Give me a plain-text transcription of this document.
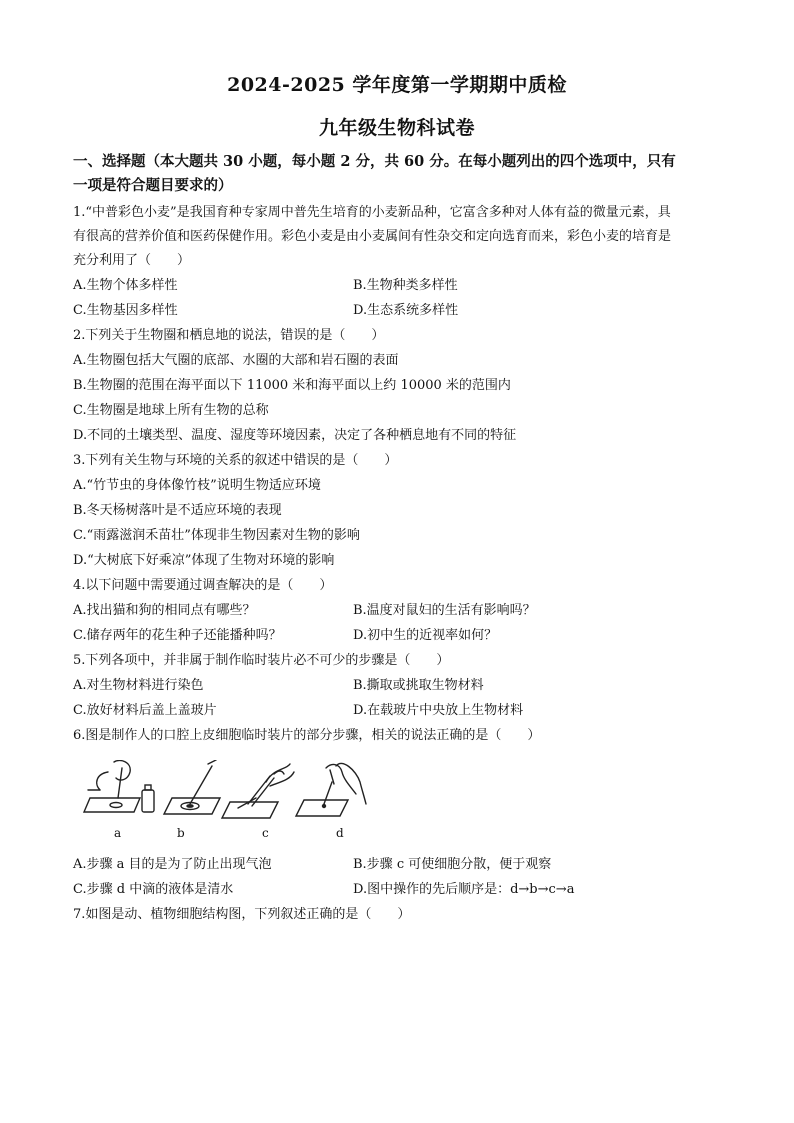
2024-2025 学年度第一学期期中质检
九年级生物科试卷
一、选择题（本大题共 30 小题，每小题 2 分，共 60 分。在每小题列出的四个选项中，只有
一项是符合题目要求的）
1.“中普彩色小麦”是我国育种专家周中普先生培育的小麦新品种，它富含多种对人体有益的微量元素，具
有很高的营养价值和医药保健作用。彩色小麦是由小麦属间有性杂交和定向选育而来，彩色小麦的培育是
充分利用了（　　）
A.生物个体多样性	B.生物种类多样性
C.生物基因多样性	D.生态系统多样性
2.下列关于生物圈和栖息地的说法，错误的是（　　）
A.生物圈包括大气圈的底部、水圈的大部和岩石圈的表面
B.生物圈的范围在海平面以下 11000 米和海平面以上约 10000 米的范围内
C.生物圈是地球上所有生物的总称
D.不同的土壤类型、温度、湿度等环境因素，决定了各种栖息地有不同的特征
3.下列有关生物与环境的关系的叙述中错误的是（　　）
A.“竹节虫的身体像竹枝”说明生物适应环境
B.冬天杨树落叶是不适应环境的表现
C.“雨露滋润禾苗壮”体现非生物因素对生物的影响
D.“大树底下好乘凉”体现了生物对环境的影响
4.以下问题中需要通过调查解决的是（　　）
A.找出猫和狗的相同点有哪些？	B.温度对鼠妇的生活有影响吗？
C.储存两年的花生种子还能播种吗？	D.初中生的近视率如何？
5.下列各项中，并非属于制作临时装片必不可少的步骤是（　　）
A.对生物材料进行染色	B.撕取或挑取生物材料
C.放好材料后盖上盖玻片	D.在载玻片中央放上生物材料
6.图是制作人的口腔上皮细胞临时装片的部分步骤，相关的说法正确的是（　　）
a	b	c	d
A.步骤 a 目的是为了防止出现气泡	B.步骤 c 可使细胞分散，便于观察
C.步骤 d 中滴的液体是清水	D.图中操作的先后顺序是：d→b→c→a
7.如图是动、植物细胞结构图，下列叙述正确的是（　　）
